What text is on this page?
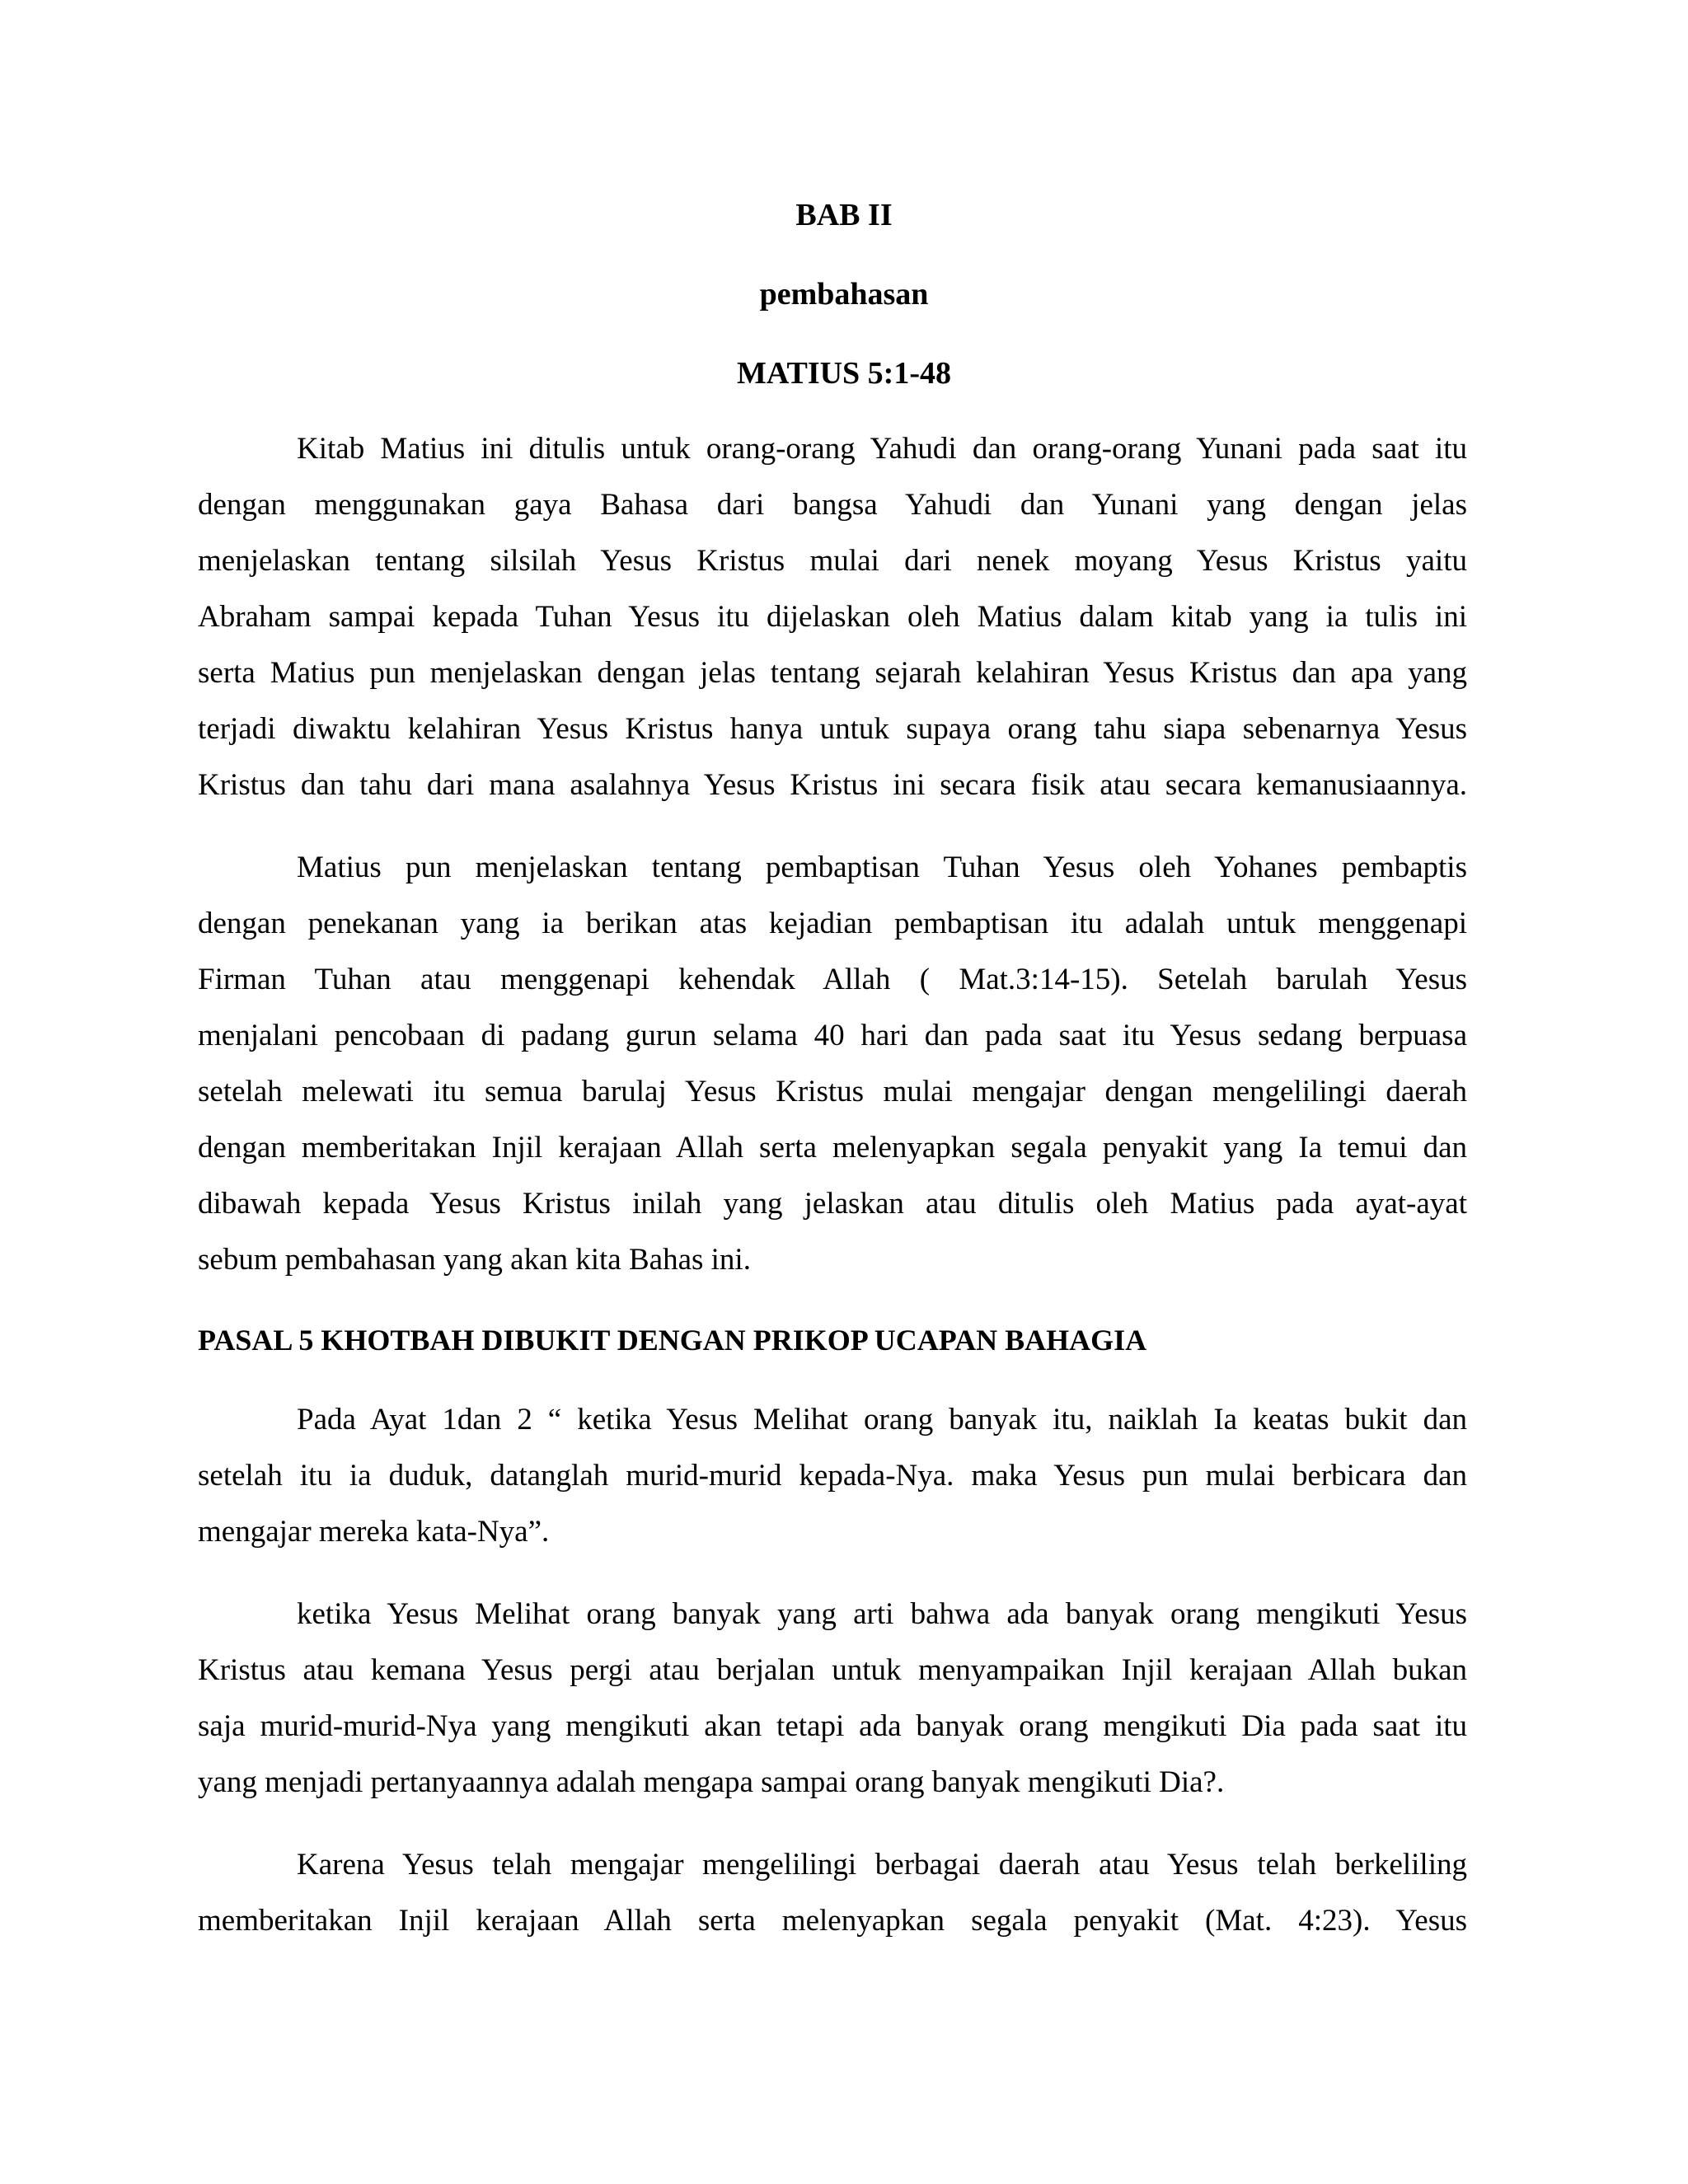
BAB II
pembahasan
MATIUS 5:1-48

Kitab Matius ini ditulis untuk orang-orang Yahudi dan orang-orang Yunani pada saat itu

dengan menggunakan gaya Bahasa dari bangsa Yahudi dan Yunani yang dengan jelas

menjelaskan tentang silsilah Yesus Kristus mulai dari nenek moyang Yesus Kristus yaitu

Abraham sampai kepada Tuhan Yesus itu dijelaskan oleh Matius dalam kitab yang ia tulis ini

serta Matius pun menjelaskan dengan jelas tentang sejarah kelahiran Yesus Kristus dan apa yang

terjadi diwaktu kelahiran Yesus Kristus hanya untuk supaya orang tahu siapa sebenarnya Yesus

Kristus dan tahu dari mana asalahnya Yesus Kristus ini secara fisik atau secara kemanusiaannya.

Matius pun menjelaskan tentang pembaptisan Tuhan Yesus oleh Yohanes pembaptis

dengan penekanan yang ia berikan atas kejadian pembaptisan itu adalah untuk menggenapi

Firman Tuhan atau menggenapi kehendak Allah ( Mat.3:14-15). Setelah barulah Yesus

menjalani pencobaan di padang gurun selama 40 hari dan pada saat itu Yesus sedang berpuasa

setelah melewati itu semua barulaj Yesus Kristus mulai mengajar dengan mengelilingi daerah

dengan memberitakan Injil kerajaan Allah serta melenyapkan segala penyakit yang Ia temui dan

dibawah kepada Yesus Kristus inilah yang jelaskan atau ditulis oleh Matius pada ayat-ayat

sebum pembahasan yang akan kita Bahas ini.

PASAL 5 KHOTBAH DIBUKIT DENGAN PRIKOP UCAPAN BAHAGIA

Pada Ayat 1dan 2 “ ketika Yesus Melihat orang banyak itu, naiklah Ia keatas bukit dan

setelah itu ia duduk, datanglah murid-murid kepada-Nya. maka Yesus pun mulai berbicara dan

mengajar mereka kata-Nya”.

ketika Yesus Melihat orang banyak yang arti bahwa ada banyak orang mengikuti Yesus

Kristus atau kemana Yesus pergi atau berjalan untuk menyampaikan Injil kerajaan Allah bukan

saja murid-murid-Nya yang mengikuti akan tetapi ada banyak orang mengikuti Dia pada saat itu

yang menjadi pertanyaannya adalah mengapa sampai orang banyak mengikuti Dia?.

Karena Yesus telah mengajar mengelilingi berbagai daerah atau Yesus telah berkeliling

memberitakan Injil kerajaan Allah serta melenyapkan segala penyakit (Mat. 4:23). Yesus
